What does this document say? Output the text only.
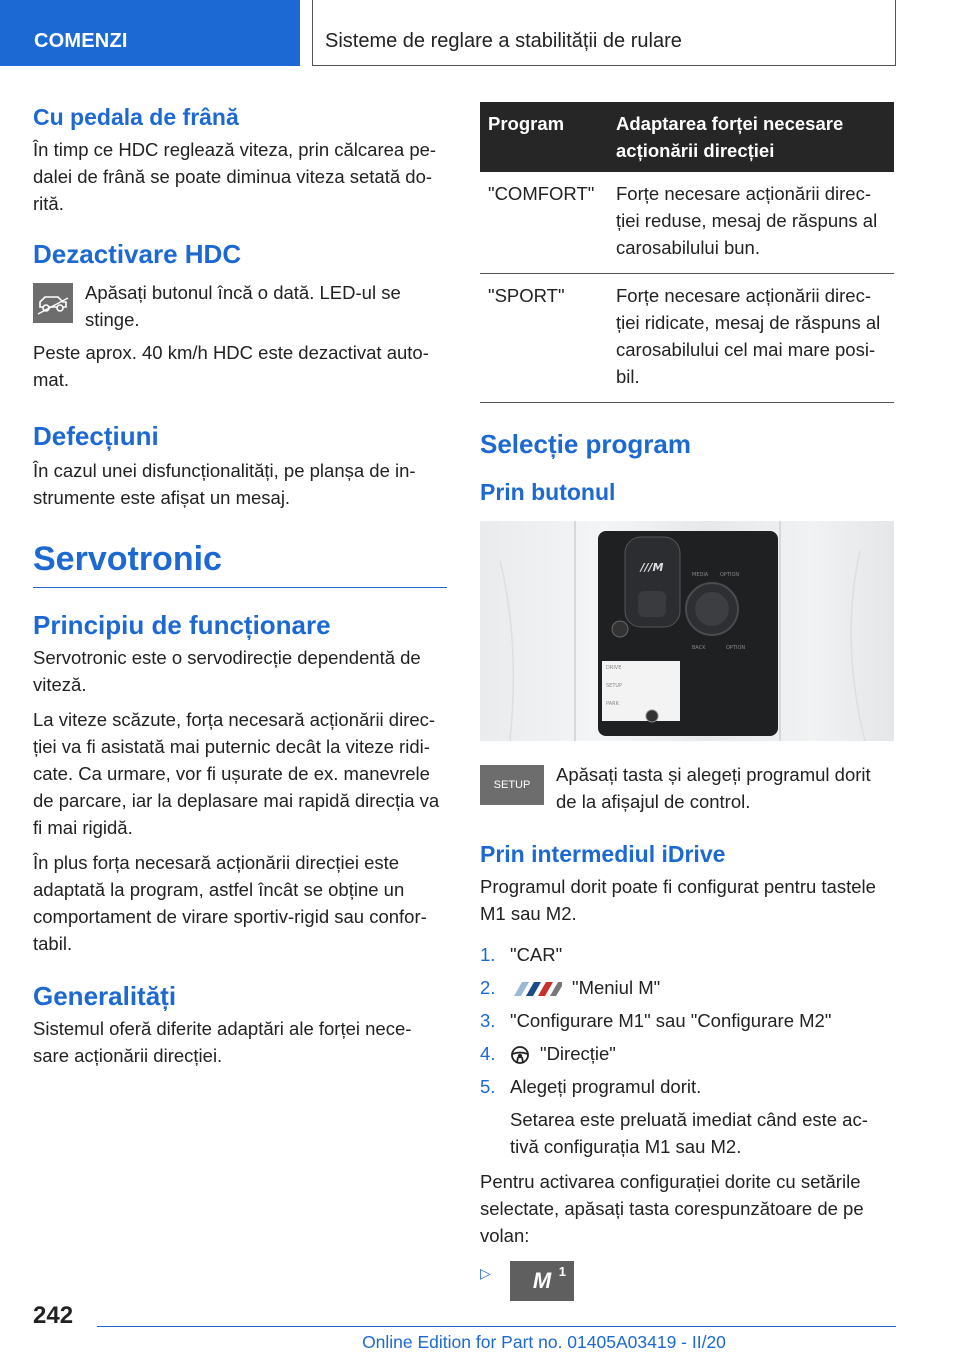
COMENZI	Sisteme de reglare a stabilității de rulare
Cu pedala de frână

În timp ce HDC reglează viteza, prin călcarea pe-dalei de frână se poate diminua viteza setată do-rită.

Dezactivare HDC

Apăsați butonul încă o dată. LED-ul se stinge.

Peste aprox. 40 km/h HDC este dezactivat auto-mat.

Defecțiuni

În cazul unei disfuncționalități, pe planșa de in-strumente este afișat un mesaj.

Servotronic
Principiu de funcționare

Servotronic este o servodirecție dependentă de viteză.

La viteze scăzute, forța necesară acționării direc-ției va fi asistată mai puternic decât la viteze ridi-cate. Ca urmare, vor fi ușurate de ex. manevrele de parcare, iar la deplasare mai rapidă direcția va fi mai rigidă.

În plus forța necesară acționării direcției este adaptată la program, astfel încât se obține un comportament de virare sportiv-rigid sau confor-tabil.

Generalități

Sistemul oferă diferite adaptări ale forței nece-sare acționării direcției.

Program	Adaptarea forței necesare acționării direcției
"COMFORT"	Forțe necesare acționării direc-ției reduse, mesaj de răspuns al carosabilului bun.
"SPORT"	Forțe necesare acționării direc-ției ridicate, mesaj de răspuns al carosabilului cel mai mare posi-bil.
Selecție program
Prin butonul
///M
MEDIA OPTION
BACK	OPTION
DRIVE
SETUP
PARK
SETUP Apăsați tasta și alegeți programul dorit de la afișajul de control.

Prin intermediul iDrive

Programul dorit poate fi configurat pentru tastele M1 sau M2.

1. "CAR"
2.	"Meniul M"
3. "Configurare M1" sau "Configurare M2"
4.	"Direcție"
5. Alegeți programul dorit.

Setarea este preluată imediat când este ac-tivă configurația M1 sau M2.

Pentru activarea configurației dorite cu setările selectate, apăsați tasta corespunzătoare de pe volan:

▷	M $^1$
242
Online Edition for Part no. 01405A03419 - II/20
